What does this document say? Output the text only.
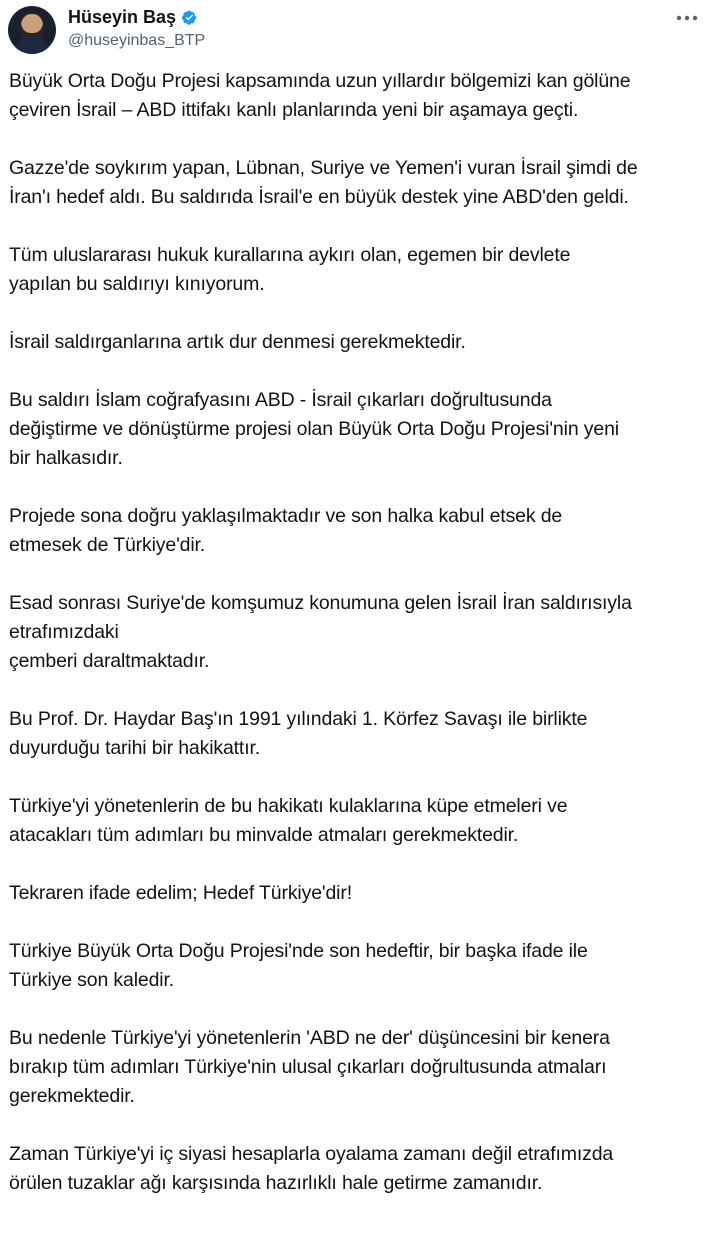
Hüseyin Baş
@huseyinbas_BTP

Büyük Orta Doğu Projesi kapsamında uzun yıllardır bölgemizi kan gölüne
çeviren İsrail – ABD ittifakı kanlı planlarında yeni bir aşamaya geçti.

Gazze'de soykırım yapan, Lübnan, Suriye ve Yemen'i vuran İsrail şimdi de
İran'ı hedef aldı. Bu saldırıda İsrail'e en büyük destek yine ABD'den geldi.

Tüm uluslararası hukuk kurallarına aykırı olan, egemen bir devlete
yapılan bu saldırıyı kınıyorum.

İsrail saldırganlarına artık dur denmesi gerekmektedir.

Bu saldırı İslam coğrafyasını ABD - İsrail çıkarları doğrultusunda
değiştirme ve dönüştürme projesi olan Büyük Orta Doğu Projesi'nin yeni
bir halkasıdır.

Projede sona doğru yaklaşılmaktadır ve son halka kabul etsek de
etmesek de Türkiye'dir.

Esad sonrası Suriye'de komşumuz konumuna gelen İsrail İran saldırısıyla
etrafımızdaki
çemberi daraltmaktadır.

Bu Prof. Dr. Haydar Baş'ın 1991 yılındaki 1. Körfez Savaşı ile birlikte
duyurduğu tarihi bir hakikattır.

Türkiye'yi yönetenlerin de bu hakikatı kulaklarına küpe etmeleri ve
atacakları tüm adımları bu minvalde atmaları gerekmektedir.

Tekraren ifade edelim; Hedef Türkiye'dir!

Türkiye Büyük Orta Doğu Projesi'nde son hedeftir, bir başka ifade ile
Türkiye son kaledir.

Bu nedenle Türkiye'yi yönetenlerin 'ABD ne der' düşüncesini bir kenera
bırakıp tüm adımları Türkiye'nin ulusal çıkarları doğrultusunda atmaları
gerekmektedir.

Zaman Türkiye'yi iç siyasi hesaplarla oyalama zamanı değil etrafımızda
örülen tuzaklar ağı karşısında hazırlıklı hale getirme zamanıdır.
